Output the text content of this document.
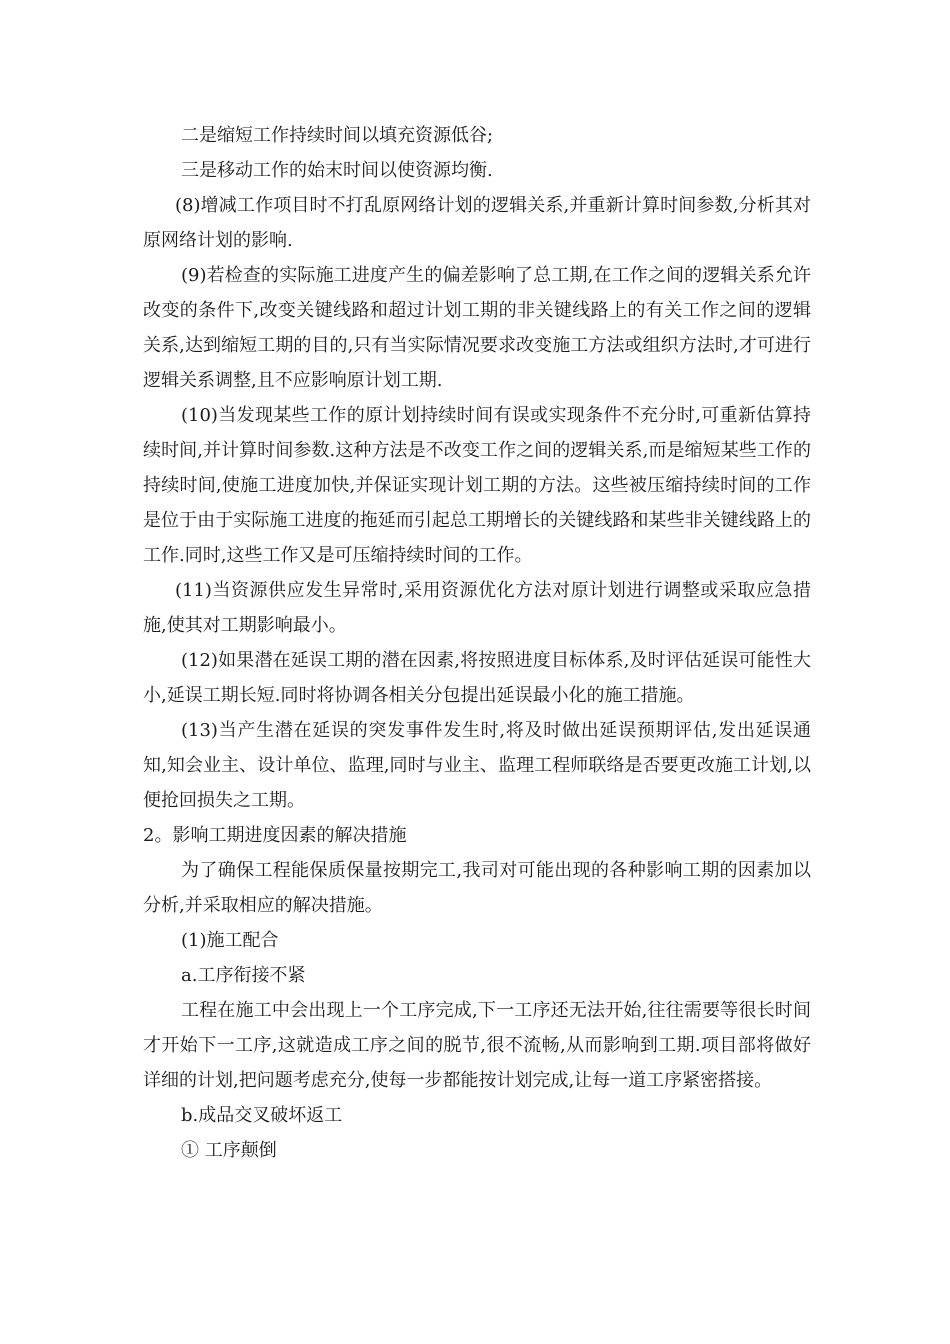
二是缩短工作持续时间以填充资源低谷;

三是移动工作的始末时间以使资源均衡.

(8)增减工作项目时不打乱原网络计划的逻辑关系,并重新计算时间参数,分析其对原网络计划的影响.

(9)若检查的实际施工进度产生的偏差影响了总工期,在工作之间的逻辑关系允许改变的条件下,改变关键线路和超过计划工期的非关键线路上的有关工作之间的逻辑关系,达到缩短工期的目的,只有当实际情况要求改变施工方法或组织方法时,才可进行逻辑关系调整,且不应影响原计划工期.

(10)当发现某些工作的原计划持续时间有误或实现条件不充分时,可重新估算持续时间,并计算时间参数.这种方法是不改变工作之间的逻辑关系,而是缩短某些工作的持续时间,使施工进度加快,并保证实现计划工期的方法。这些被压缩持续时间的工作是位于由于实际施工进度的拖延而引起总工期增长的关键线路和某些非关键线路上的工作.同时,这些工作又是可压缩持续时间的工作。

(11)当资源供应发生异常时,采用资源优化方法对原计划进行调整或采取应急措施,使其对工期影响最小。

(12)如果潜在延误工期的潜在因素,将按照进度目标体系,及时评估延误可能性大小,延误工期长短.同时将协调各相关分包提出延误最小化的施工措施。

(13)当产生潜在延误的突发事件发生时,将及时做出延误预期评估,发出延误通知,知会业主、设计单位、监理,同时与业主、监理工程师联络是否要更改施工计划,以便抢回损失之工期。

2。影响工期进度因素的解决措施

为了确保工程能保质保量按期完工,我司对可能出现的各种影响工期的因素加以分析,并采取相应的解决措施。

(1)施工配合

a.工序衔接不紧

工程在施工中会出现上一个工序完成,下一工序还无法开始,往往需要等很长时间才开始下一工序,这就造成工序之间的脱节,很不流畅,从而影响到工期.项目部将做好详细的计划,把问题考虑充分,使每一步都能按计划完成,让每一道工序紧密搭接。

b.成品交叉破坏返工

① 工序颠倒
